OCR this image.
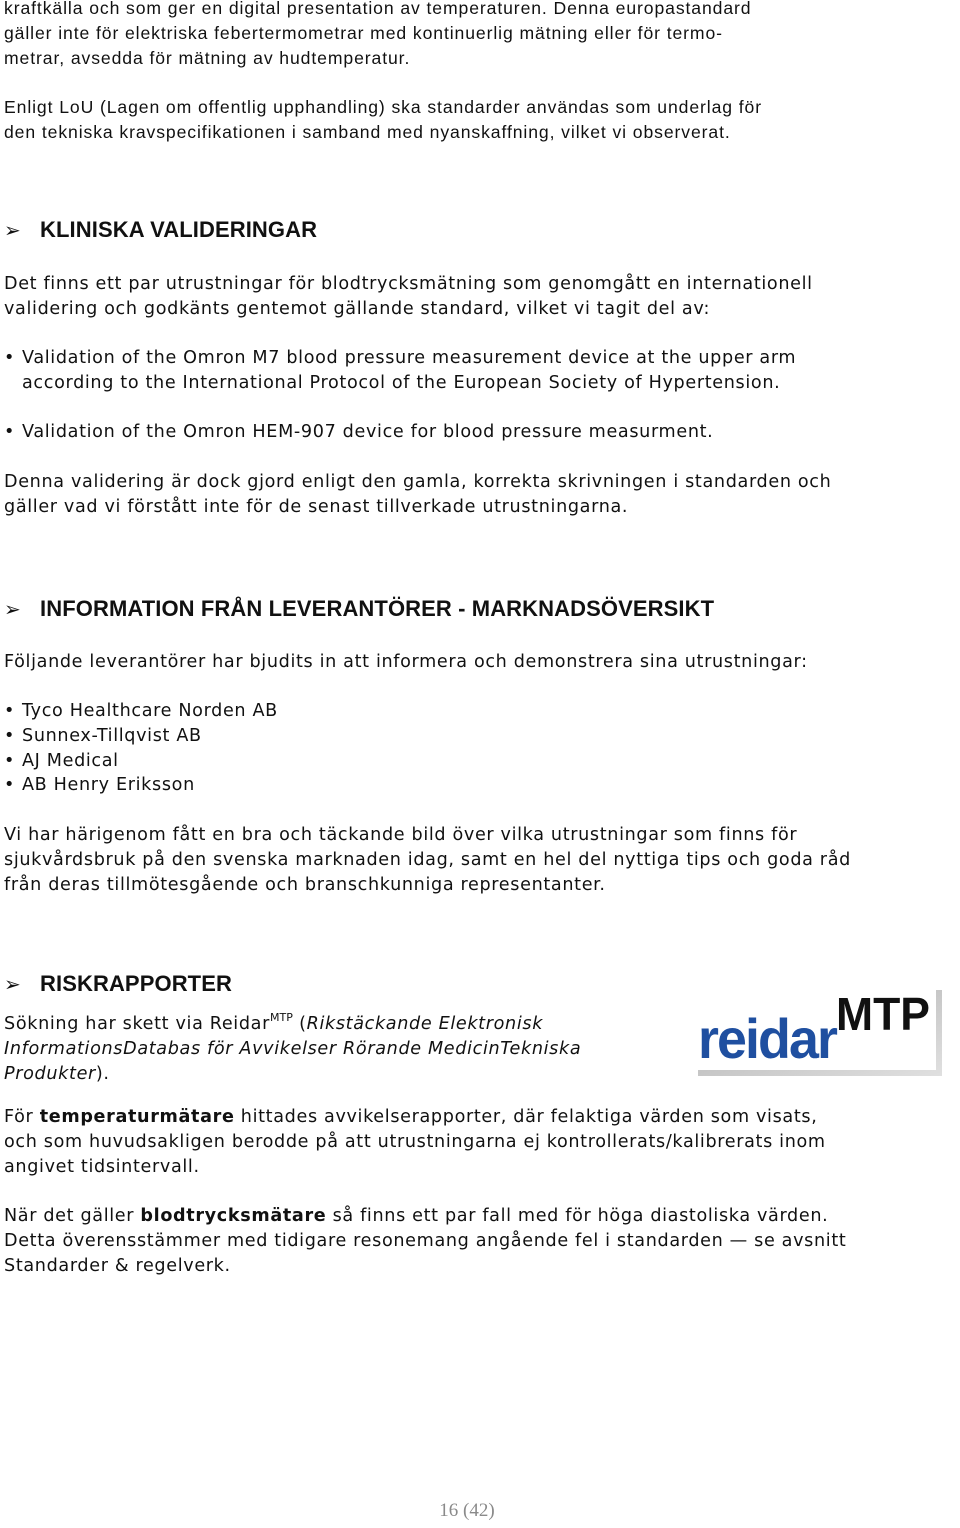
kraftkälla och som ger en digital presentation av temperaturen. Denna europastandard
gäller inte för elektriska febertermometrar med kontinuerlig mätning eller för termo-
metrar, avsedda för mätning av hudtemperatur.

Enligt LoU (Lagen om offentlig upphandling) ska standarder användas som underlag för
den tekniska kravspecifikationen i samband med nyanskaffning, vilket vi observerat.

➢ KLINISKA VALIDERINGAR

Det finns ett par utrustningar för blodtrycksmätning som genomgått en internationell
validering och godkänts gentemot gällande standard, vilket vi tagit del av:

• Validation of the Omron M7 blood pressure measurement device at the upper arm
according to the International Protocol of the European Society of Hypertension.
• Validation of the Omron HEM-907 device for blood pressure measurment.

Denna validering är dock gjord enligt den gamla, korrekta skrivningen i standarden och
gäller vad vi förstått inte för de senast tillverkade utrustningarna.

➢ INFORMATION FRÅN LEVERANTÖRER - MARKNADSÖVERSIKT

Följande leverantörer har bjudits in att informera och demonstrera sina utrustningar:

• Tyco Healthcare Norden AB
• Sunnex-Tillqvist AB
• AJ Medical
• AB Henry Eriksson

Vi har härigenom fått en bra och täckande bild över vilka utrustningar som finns för
sjukvårdsbruk på den svenska marknaden idag, samt en hel del nyttiga tips och goda råd
från deras tillmötesgående och branschkunniga representanter.

➢ RISKRAPPORTER

Sökning har skett via Reidar$^{MTP}$ (Rikstäckande Elektronisk
InformationsDatabas för Avvikelser Rörande MedicinTekniska
Produkter).

reidar
MTP

För temperaturmätare hittades avvikelserapporter, där felaktiga värden som visats,
och som huvudsakligen berodde på att utrustningarna ej kontrollerats/kalibrerats inom
angivet tidsintervall.

När det gäller blodtrycksmätare så finns ett par fall med för höga diastoliska värden.
Detta överensstämmer med tidigare resonemang angående fel i standarden — se avsnitt
Standarder & regelverk.

16 (42)
